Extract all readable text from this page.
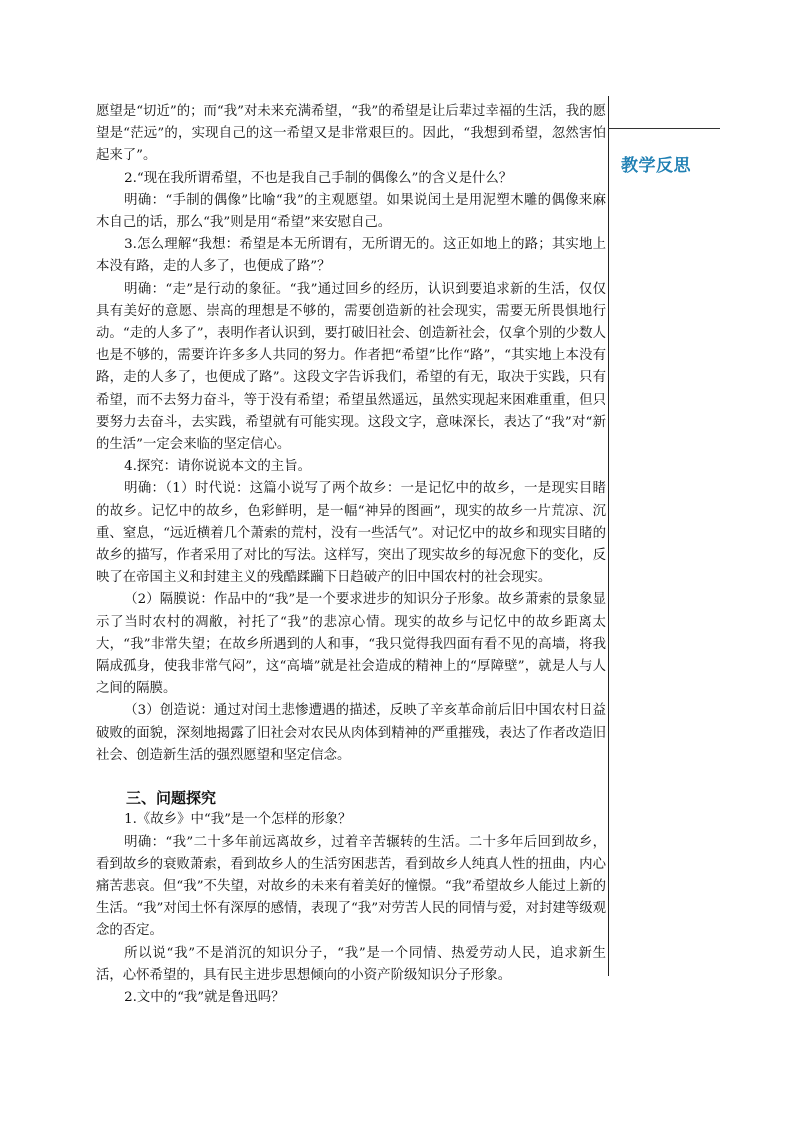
教学反思

愿望是“切近”的；而“我”对未来充满希望，“我”的希望是让后辈过幸福的生活，我的愿望是“茫远”的，实现自己的这一希望又是非常艰巨的。因此，“我想到希望，忽然害怕起来了”。

2.“现在我所谓希望，不也是我自己手制的偶像么”的含义是什么？

明确：“手制的偶像”比喻“我”的主观愿望。如果说闰土是用泥塑木雕的偶像来麻木自己的话，那么“我”则是用“希望”来安慰自己。

3.怎么理解“我想：希望是本无所谓有，无所谓无的。这正如地上的路；其实地上本没有路，走的人多了，也便成了路”？

明确：“走”是行动的象征。“我”通过回乡的经历，认识到要追求新的生活，仅仅具有美好的意愿、崇高的理想是不够的，需要创造新的社会现实，需要无所畏惧地行动。“走的人多了”，表明作者认识到，要打破旧社会、创造新社会，仅拿个别的少数人也是不够的，需要许许多多人共同的努力。作者把“希望”比作“路”，“其实地上本没有路，走的人多了，也便成了路”。这段文字告诉我们，希望的有无，取决于实践，只有希望，而不去努力奋斗，等于没有希望；希望虽然遥远，虽然实现起来困难重重，但只要努力去奋斗，去实践，希望就有可能实现。这段文字，意味深长，表达了“我”对“新的生活”一定会来临的坚定信心。

4.探究：请你说说本文的主旨。

明确：（1）时代说：这篇小说写了两个故乡：一是记忆中的故乡，一是现实目睹的故乡。记忆中的故乡，色彩鲜明，是一幅“神异的图画”，现实的故乡一片荒凉、沉重、窒息，“远近横着几个萧索的荒村，没有一些活气”。对记忆中的故乡和现实目睹的故乡的描写，作者采用了对比的写法。这样写，突出了现实故乡的每况愈下的变化，反映了在帝国主义和封建主义的残酷蹂躏下日趋破产的旧中国农村的社会现实。

（2）隔膜说：作品中的“我”是一个要求进步的知识分子形象。故乡萧索的景象显示了当时农村的凋敝，衬托了“我”的悲凉心情。现实的故乡与记忆中的故乡距离太大，“我”非常失望；在故乡所遇到的人和事，“我只觉得我四面有看不见的高墙，将我隔成孤身，使我非常气闷”，这“高墙”就是社会造成的精神上的“厚障壁”，就是人与人之间的隔膜。

（3）创造说：通过对闰土悲惨遭遇的描述，反映了辛亥革命前后旧中国农村日益破败的面貌，深刻地揭露了旧社会对农民从肉体到精神的严重摧残，表达了作者改造旧社会、创造新生活的强烈愿望和坚定信念。

三、问题探究

1.《故乡》中“我”是一个怎样的形象？

明确：“我”二十多年前远离故乡，过着辛苦辗转的生活。二十多年后回到故乡，看到故乡的衰败萧索，看到故乡人的生活穷困悲苦，看到故乡人纯真人性的扭曲，内心痛苦悲哀。但“我”不失望，对故乡的未来有着美好的憧憬。“我”希望故乡人能过上新的生活。“我”对闰土怀有深厚的感情，表现了“我”对劳苦人民的同情与爱，对封建等级观念的否定。

所以说“我”不是消沉的知识分子，“我”是一个同情、热爱劳动人民，追求新生活，心怀希望的，具有民主进步思想倾向的小资产阶级知识分子形象。

2.文中的“我”就是鲁迅吗？
